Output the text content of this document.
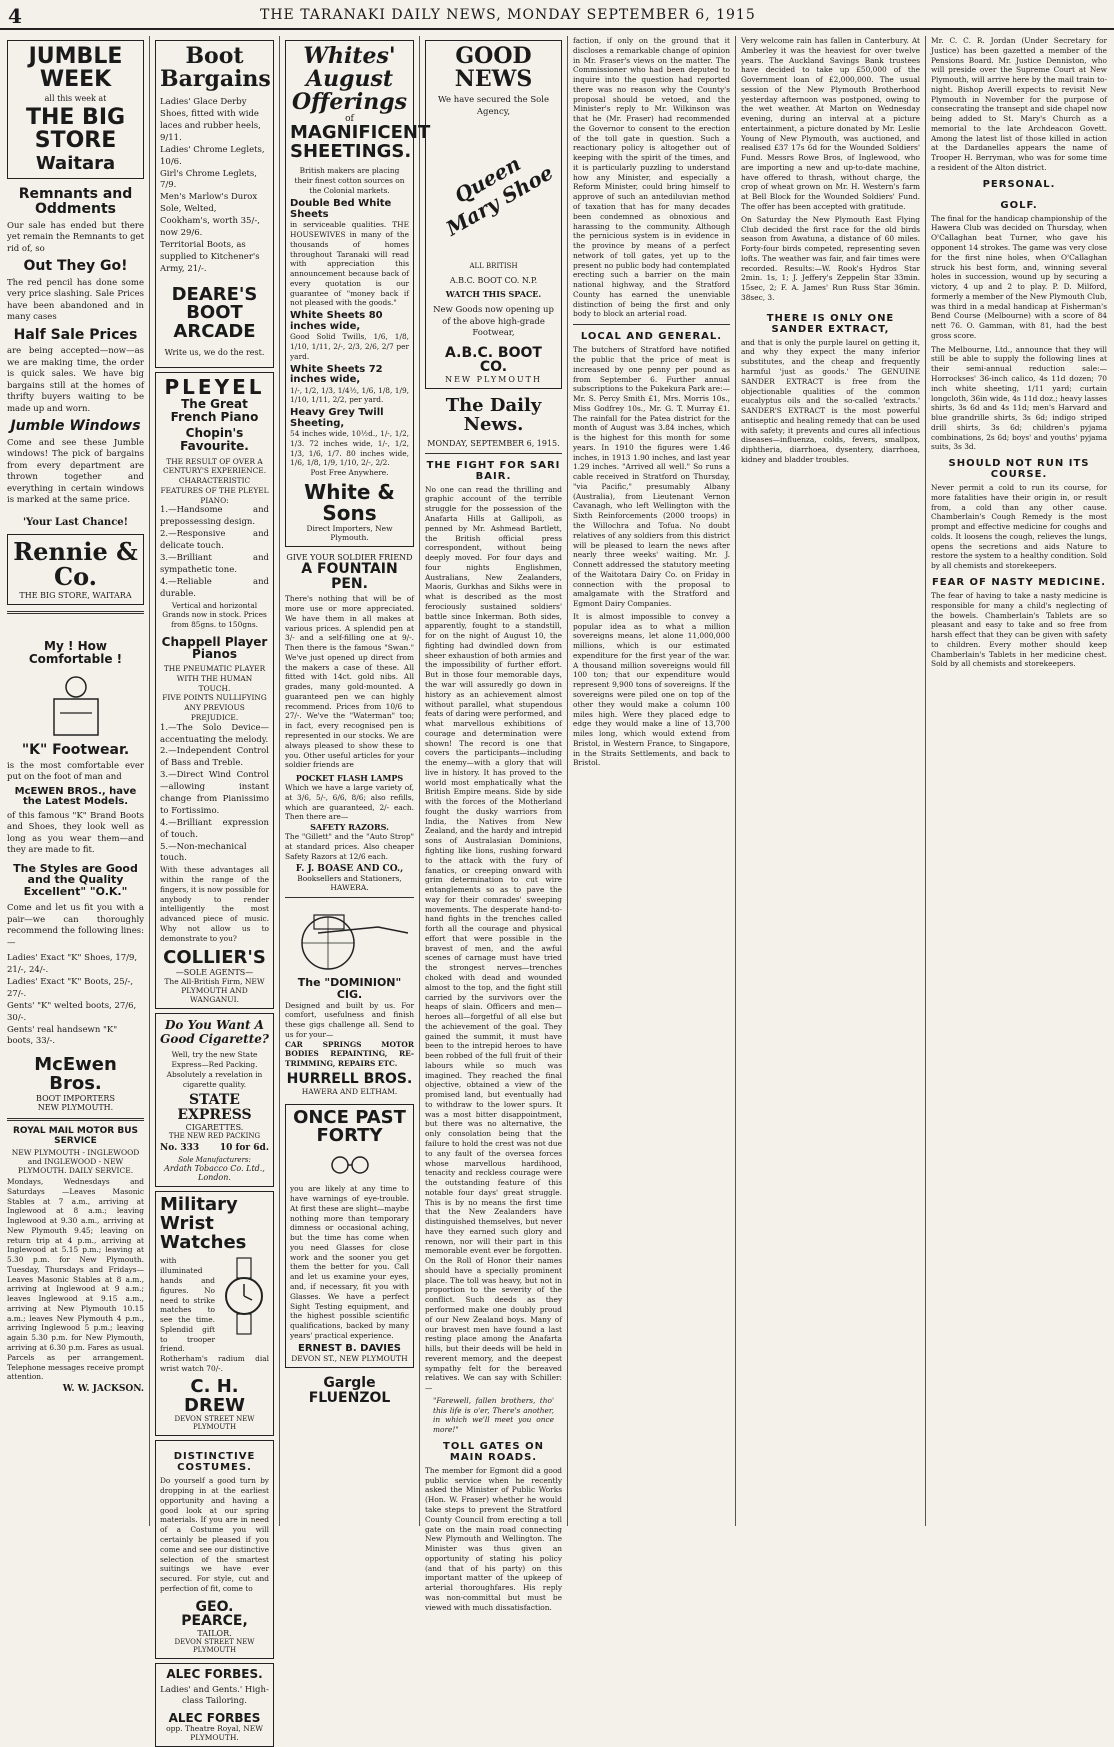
4	THE TARANAKI DAILY NEWS, MONDAY SEPTEMBER 6, 1915
JUMBLE WEEK
all this week at
THE BIG STORE
Waitara
Remnants and Oddments

Our sale has ended but there yet remain the Remnants to get rid of, so

Out They Go!

The red pencil has done some very price slashing. Sale Prices have been abandoned and in many cases

Half Sale Prices

are being accepted—now—as we are making time, the order is quick sales. We have big bargains still at the homes of thrifty buyers waiting to be made up and worn.

Jumble Windows

Come and see these Jumble windows! The pick of bargains from every department are thrown together and everything in certain windows is marked at the same price.

'Your Last Chance!
Rennie & Co.
THE BIG STORE, WAITARA
My ! How Comfortable !
"K" Footwear.

is the most comfortable ever put on the foot of man and

McEWEN BROS., have the Latest Models.

of this famous "K" Brand Boots and Shoes, they look well as long as you wear them—and they are made to fit.

The Styles are Good and the Quality Excellent" "O.K."

Come and let us fit you with a pair—we can thoroughly recommend the following lines:—

Ladies' Exact "K" Shoes, 17/9, 21/-, 24/-.
Ladies' Exact "K" Boots, 25/-, 27/-.
Gents' "K" welted boots, 27/6, 30/-.
Gents' real handsewn "K" boots, 33/-.
McEwen Bros.
BOOT IMPORTERS
NEW PLYMOUTH.
ROYAL MAIL MOTOR BUS SERVICE
NEW PLYMOUTH - INGLEWOOD and INGLEWOOD - NEW PLYMOUTH. DAILY SERVICE.

Mondays, Wednesdays and Saturdays —Leaves Masonic Stables at 7 a.m., arriving at Inglewood at 8 a.m.; leaving Inglewood at 9.30 a.m., arriving at New Plymouth 9.45; leaving on return trip at 4 p.m., arriving at Inglewood at 5.15 p.m.; leaving at 5.30 p.m. for New Plymouth. Tuesday, Thursdays and Fridays—Leaves Masonic Stables at 8 a.m., arriving at Inglewood at 9 a.m.; leaves Inglewood at 9.15 a.m., arriving at New Plymouth 10.15 a.m.; leaves New Plymouth 4 p.m., arriving Inglewood 5 p.m.; leaving again 5.30 p.m. for New Plymouth, arriving at 6.30 p.m. Fares as usual. Parcels as per arrangement. Telephone messages receive prompt attention.

W. W. JACKSON.
Boot Bargains
Ladies' Glace Derby Shoes, fitted with wide laces and rubber heels, 9/11.
Ladies' Chrome Leglets, 10/6.
Girl's Chrome Leglets, 7/9.
Men's Marlow's Durox Sole, Welted, Cookham's, worth 35/-, now 29/6.
Territorial Boots, as supplied to Kitchener's Army, 21/-.
DEARE'S BOOT ARCADE
Write us, we do the rest.
PLEYEL
The Great French Piano
Chopin's Favourite.

THE RESULT OF OVER A CENTURY'S EXPERIENCE. CHARACTERISTIC FEATURES OF THE PLEYEL PIANO:

1.—Handsome and prepossessing design.
2.—Responsive and delicate touch.
3.—Brilliant and sympathetic tone.
4.—Reliable and durable.

Vertical and horizontal Grands now in stock. Prices from 85gns. to 150gns.

Chappell Player Pianos

THE PNEUMATIC PLAYER WITH THE HUMAN TOUCH.

FIVE POINTS NULLIFYING ANY PREVIOUS PREJUDICE.

1.—The Solo Device—accentuating the melody.
2.—Independent Control of Bass and Treble.
3.—Direct Wind Control—allowing instant change from Pianissimo to Fortissimo.
4.—Brilliant expression of touch.
5.—Non-mechanical touch.

With these advantages all within the range of the fingers, it is now possible for anybody to render intelligently the most advanced piece of music. Why not allow us to demonstrate to you?

COLLIER'S
—SOLE AGENTS—
The All-British Firm, NEW PLYMOUTH AND WANGANUI.
Do You Want A Good Cigarette?

Well, try the new State Express—Red Packing. Absolutely a revelation in cigarette quality.

STATE EXPRESS
CIGARETTES.
THE NEW RED PACKING
No. 333 10 for 6d.
Sole Manufacturers:
Ardath Tobacco Co. Ltd., London.
Military Wrist Watches

with illuminated hands and figures. No need to strike matches to see the time. Splendid gift to trooper friend.

Rotherham's radium dial wrist watch 70/-.

C. H. DREW
DEVON STREET NEW PLYMOUTH
DISTINCTIVE COSTUMES.

Do yourself a good turn by dropping in at the earliest opportunity and having a good look at our spring materials. If you are in need of a Costume you will certainly be pleased if you come and see our distinctive selection of the smartest suitings we have ever secured. For style, cut and perfection of fit, come to

GEO. PEARCE,
TAILOR.
DEVON STREET NEW PLYMOUTH
ALEC FORBES.

Ladies' and Gents.' High-class Tailoring.

ALEC FORBES
opp. Theatre Royal, NEW PLYMOUTH.
Whites' August Offerings
of
MAGNIFICENT SHEETINGS.

British makers are placing their finest cotton sources on the Colonial markets.

Double Bed White Sheets

in serviceable qualities. THE HOUSEWIVES in many of the thousands of homes throughout Taranaki will read with appreciation this announcement because back of every quotation is our guarantee of "money back if not pleased with the goods."

White Sheets 80 inches wide,

Good Solid Twills, 1/6, 1/8, 1/10, 1/11, 2/-, 2/3, 2/6, 2/7 per yard.

White Sheets 72 inches wide,

1/-, 1/2, 1/3, 1/4½, 1/6, 1/8, 1/9, 1/10, 1/11, 2/2, per yard.

Heavy Grey Twill Sheeting,

54 inches wide, 10½d., 1/-, 1/2, 1/3. 72 inches wide, 1/-, 1/2, 1/3, 1/6, 1/7. 80 inches wide, 1/6, 1/8, 1/9, 1/10, 2/-, 2/2.

Post Free Anywhere.

White & Sons
Direct Importers, New Plymouth.
GIVE YOUR SOLDIER FRIEND
A FOUNTAIN PEN.

There's nothing that will be of more use or more appreciated. We have them in all makes at various prices. A splendid pen at 3/- and a self-filling one at 9/-. Then there is the famous "Swan." We've just opened up direct from the makers a case of these. All fitted with 14ct. gold nibs. All grades, many gold-mounted. A guaranteed pen we can highly recommend. Prices from 10/6 to 27/-. We've the "Waterman" too; in fact, every recognised pen is represented in our stocks. We are always pleased to show these to you. Other useful articles for your soldier friends are

POCKET FLASH LAMPS

Which we have a large variety of, at 3/6, 5/-, 6/6, 8/6; also refills, which are guaranteed, 2/- each. Then there are—

SAFETY RAZORS.

The "Gillett" and the "Auto Strop" at standard prices. Also cheaper Safety Razors at 12/6 each.

F. J. BOASE AND CO.,
Booksellers and Stationers, HAWERA.
The "DOMINION" CIG.

Designed and built by us. For comfort, usefulness and finish these gigs challenge all. Send to us for your—

CAR SPRINGS MOTOR BODIES REPAINTING, RE-TRIMMING, REPAIRS ETC.

HURRELL BROS.
HAWERA AND ELTHAM.
ONCE PAST FORTY

you are likely at any time to have warnings of eye-trouble. At first these are slight—maybe nothing more than temporary dimness or occasional aching, but the time has come when you need Glasses for close work and the sooner you get them the better for you. Call and let us examine your eyes, and, if necessary, fit you with Glasses. We have a perfect Sight Testing equipment, and the highest possible scientific qualifications, backed by many years' practical experience.

ERNEST B. DAVIES
DEVON ST., NEW PLYMOUTH
Gargle FLUENZOL
GOOD NEWS

We have secured the Sole Agency,

Queen Mary Shoe
ALL BRITISH
A.B.C. BOOT CO. N.P.
WATCH THIS SPACE.

New Goods now opening up of the above high-grade Footwear,

A.B.C. BOOT CO.
NEW PLYMOUTH
The Daily News.
MONDAY, SEPTEMBER 6, 1915.
THE FIGHT FOR SARI BAIR.

No one can read the thrilling and graphic account of the terrible struggle for the possession of the Anafarta Hills at Gallipoli, as penned by Mr. Ashmead Bartlett, the British official press correspondent, without being deeply moved. For four days and four nights Englishmen, Australians, New Zealanders, Maoris, Gurkhas and Sikhs were in what is described as the most ferociously sustained soldiers' battle since Inkerman. Both sides, apparently, fought to a standstill, for on the night of August 10, the fighting had dwindled down from sheer exhaustion of both armies and the impossibility of further effort. But in those four memorable days, the war will assuredly go down in history as an achievement almost without parallel, what stupendous feats of daring were performed, and what marvellous exhibitions of courage and determination were shown! The record is one that covers the participants—including the enemy—with a glory that will live in history. It has proved to the world most emphatically what the British Empire means. Side by side with the forces of the Motherland fought the dusky warriors from India, the Natives from New Zealand, and the hardy and intrepid sons of Australasian Dominions, fighting like lions, rushing forward to the attack with the fury of fanatics, or creeping onward with grim determination to cut wire entanglements so as to pave the way for their comrades' sweeping movements. The desperate hand-to-hand fights in the trenches called forth all the courage and physical effort that were possible in the bravest of men, and the awful scenes of carnage must have tried the strongest nerves—trenches choked with dead and wounded almost to the top, and the fight still carried by the survivors over the heaps of slain. Officers and men—heroes all—forgetful of all else but the achievement of the goal. They gained the summit, it must have been to the intrepid heroes to have been robbed of the full fruit of their labours while so much was imagined. They reached the final objective, obtained a view of the promised land, but eventually had to withdraw to the lower spurs. It was a most bitter disappointment, but there was no alternative, the only consolation being that the failure to hold the crest was not due to any fault of the oversea forces whose marvellous hardihood, tenacity and reckless courage were the outstanding feature of this notable four days' great struggle. This is by no means the first time that the New Zealanders have distinguished themselves, but never have they earned such glory and renown, nor will their part in this memorable event ever be forgotten. On the Roll of Honor their names should have a specially prominent place. The toll was heavy, but not in proportion to the severity of the conflict. Such deeds as they performed make one doubly proud of our New Zealand boys. Many of our bravest men have found a last resting place among the Anafarta hills, but their deeds will be held in reverent memory, and the deepest sympathy felt for the bereaved relatives. We can say with Schiller:—

"Farewell, fallen brothers, tho' this life is o'er, There's another, in which we'll meet you once more!"

TOLL GATES ON MAIN ROADS.

The member for Egmont did a good public service when he recently asked the Minister of Public Works (Hon. W. Fraser) whether he would take steps to prevent the Stratford County Council from erecting a toll gate on the main road connecting New Plymouth and Wellington. The Minister was thus given an opportunity of stating his policy (and that of his party) on this important matter of the upkeep of arterial thoroughfares. His reply was non-committal but must be viewed with much dissatisfaction.

faction, if only on the ground that it discloses a remarkable change of opinion in Mr. Fraser's views on the matter. The Commissioner who had been deputed to inquire into the question had reported there was no reason why the County's proposal should be vetoed, and the Minister's reply to Mr. Wilkinson was that he (Mr. Fraser) had recommended the Governor to consent to the erection of the toll gate in question. Such a reactionary policy is altogether out of keeping with the spirit of the times, and it is particularly puzzling to understand how any Minister, and especially a Reform Minister, could bring himself to approve of such an antediluvian method of taxation that has for many decades been condemned as obnoxious and harassing to the community. Although the pernicious system is in evidence in the province by means of a perfect network of toll gates, yet up to the present no public body had contemplated erecting such a barrier on the main national highway, and the Stratford County has earned the unenviable distinction of being the first and only body to block an arterial road.

LOCAL AND GENERAL.

The butchers of Stratford have notified the public that the price of meat is increased by one penny per pound as from September 6. Further annual subscriptions to the Pukekura Park are:—Mr. S. Percy Smith £1, Mrs. Morris 10s., Miss Godfrey 10s., Mr. G. T. Murray £1. The rainfall for the Patea district for the month of August was 3.84 inches, which is the highest for this month for some years. In 1910 the figures were 1.46 inches, in 1913 1.90 inches, and last year 1.29 inches. "Arrived all well." So runs a cable received in Stratford on Thursday, "via Pacific," presumably Albany (Australia), from Lieutenant Vernon Cavanagh, who left Wellington with the Sixth Reinforcements (2000 troops) in the Willochra and Tofua. No doubt relatives of any soldiers from this district will be pleased to learn the news after nearly three weeks' waiting. Mr. J. Connett addressed the statutory meeting of the Waitotara Dairy Co. on Friday in connection with the proposal to amalgamate with the Stratford and Egmont Dairy Companies.

It is almost impossible to convey a popular idea as to what a million sovereigns means, let alone 11,000,000 millions, which is our estimated expenditure for the first year of the war. A thousand million sovereigns would fill 100 ton; that our expenditure would represent 9,900 tons of sovereigns. If the sovereigns were piled one on top of the other they would make a column 100 miles high. Were they placed edge to edge they would make a line of 13,700 miles long, which would extend from Bristol, in Western France, to Singapore, in the Straits Settlements, and back to Bristol.

Very welcome rain has fallen in Canterbury. At Amberley it was the heaviest for over twelve years. The Auckland Savings Bank trustees have decided to take up £50,000 of the Government loan of £2,000,000. The usual session of the New Plymouth Brotherhood yesterday afternoon was postponed, owing to the wet weather. At Marton on Wednesday evening, during an interval at a picture entertainment, a picture donated by Mr. Leslie Young of New Plymouth, was auctioned, and realised £37 17s 6d for the Wounded Soldiers' Fund. Messrs Rowe Bros, of Inglewood, who are importing a new and up-to-date machine, have offered to thrash, without charge, the crop of wheat grown on Mr. H. Western's farm at Bell Block for the Wounded Soldiers' Fund. The offer has been accepted with gratitude.

On Saturday the New Plymouth East Flying Club decided the first race for the old birds season from Awatuna, a distance of 60 miles. Forty-four birds competed, representing seven lofts. The weather was fair, and fair times were recorded. Results:—W. Rook's Hydros Star 2min. 1s, 1; J. Jeffery's Zeppelin Star 33min. 15sec, 2; F. A. James' Run Russ Star 36min. 38sec, 3.

THERE IS ONLY ONE SANDER EXTRACT,

and that is only the purple laurel on getting it, and why they expect the many inferior substitutes, and the cheap and frequently harmful 'just as goods.' The GENUINE SANDER EXTRACT is free from the objectionable qualities of the common eucalyptus oils and the so-called 'extracts.' SANDER'S EXTRACT is the most powerful antiseptic and healing remedy that can be used with safety; it prevents and cures all infectious diseases—influenza, colds, fevers, smallpox, diphtheria, diarrhoea, dysentery, diarrhoea, kidney and bladder troubles.

Mr. C. C. R. Jordan (Under Secretary for Justice) has been gazetted a member of the Pensions Board. Mr. Justice Denniston, who will preside over the Supreme Court at New Plymouth, will arrive here by the mail train to-night. Bishop Averill expects to revisit New Plymouth in November for the purpose of consecrating the transept and side chapel now being added to St. Mary's Church as a memorial to the late Archdeacon Govett. Among the latest list of those killed in action at the Dardanelles appears the name of Trooper H. Berryman, who was for some time a resident of the Alton district.

PERSONAL.
GOLF.

The final for the handicap championship of the Hawera Club was decided on Thursday, when O'Callaghan beat Turner, who gave his opponent 14 strokes. The game was very close for the first nine holes, when O'Callaghan struck his best form, and, winning several holes in succession, wound up by securing a victory, 4 up and 2 to play. P. D. Milford, formerly a member of the New Plymouth Club, was third in a medal handicap at Fisherman's Bend Course (Melbourne) with a score of 84 nett 76. O. Gamman, with 81, had the best gross score.

The Melbourne, Ltd., announce that they will still be able to supply the following lines at their semi-annual reduction sale:—Horrockses' 36-inch calico, 4s 11d dozen; 70 inch white sheeting, 1/11 yard; curtain longcloth, 36in wide, 4s 11d doz.; heavy lasses shirts, 3s 6d and 4s 11d; men's Harvard and blue grandrille shirts, 3s 6d; indigo striped drill shirts, 3s 6d; children's pyjama combinations, 2s 6d; boys' and youths' pyjama suits, 3s 3d.

SHOULD NOT RUN ITS COURSE.

Never permit a cold to run its course, for more fatalities have their origin in, or result from, a cold than any other cause. Chamberlain's Cough Remedy is the most prompt and effective medicine for coughs and colds. It loosens the cough, relieves the lungs, opens the secretions and aids Nature to restore the system to a healthy condition. Sold by all chemists and storekeepers.

FEAR OF NASTY MEDICINE.

The fear of having to take a nasty medicine is responsible for many a child's neglecting of the bowels. Chamberlain's Tablets are so pleasant and easy to take and so free from harsh effect that they can be given with safety to children. Every mother should keep Chamberlain's Tablets in her medicine chest. Sold by all chemists and storekeepers.
